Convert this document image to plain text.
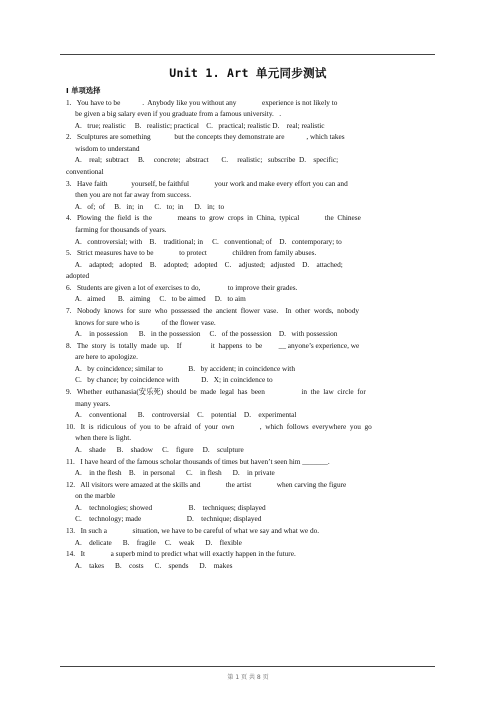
Unit 1. Art 单元同步测试
I 单项选择
1.   You have to be            .  Anybody like you without any              experience is not likely to
be given a big salary even if you graduate from a famous university.   .
A.   true; realistic     B.   realistic; practical    C.   practical; realistic D.    real; realistic
2.   Sculptures are something             but the concepts they demonstrate are            , which takes
wisdom to understand
A.    real;  subtract     B.     concrete;   abstract       C.     realistic;   subscribe  D.    specific;
conventional
3.   Have faith             yourself, be faithful              your work and make every effort you can and
then you are not far away from success.
A.   of;  of     B.   in;  in      C.   to;  in      D.   in;  to
4.   Plowing  the  field  is  the              means  to  grow  crops  in  China,  typical              the  Chinese
farming for thousands of years.
A.   controversial; with    B.    traditional; in     C.   conventional; of    D.   contemporary; to
5.   Strict measures have to be              to protect              children from family abuses.
A.    adapted;   adopted    B.    adopted;   adopted    C.    adjusted;   adjusted    D.    attached;
adopted
6.   Students are given a lot of exercises to do,               to improve their grades.
A.   aimed       B.   aiming     C.   to be aimed     D.   to aim
7.   Nobody  knows  for  sure  who  possessed  the  ancient  flower  vase.    In  other  words,  nobody
knows for sure who is            of the flower vase.
A.    in possession      B.   in the possession     C.   of the possession    D.   with possession
8.   The  story  is  totally  made  up.    If                it  happens  to  be         __ anyone’s experience, we
are here to apologize.
A.   by coincidence; similar to              B.   by accident; in coincidence with
C.   by chance; by coincidence with            D.   X; in coincidence to
9.   Whether  euthanasia(安乐死)  should  be  made  legal  has  been                    in  the  law  circle  for
many years.
A.    conventional      B.    controversial    C.    potential    D.    experimental
10.   It  is  ridiculous  of  you  to  be  afraid  of  your  own              ,  which  follows  everywhere  you  go
when there is light.
A.    shade      B.    shadow     C.    figure     D.    sculpture
11.   I have heard of the famous scholar thousands of times but haven’t seen him _______.
A.    in the flesh    B.    in personal      C.    in flesh      D.    in private
12.   All visitors were amazed at the skills and              the artist              when carving the figure
on the marble
A.    technologies; showed                    B.    techniques; displayed
C.    technology; made                         D.    technique; displayed
13.   In such a              situation, we have to be careful of what we say and what we do.
A.    delicate      B.    fragile     C.    weak      D.    flexible
14.   It              a superb mind to predict what will exactly happen in the future.
A.    takes      B.    costs      C.    spends      D.    makes
第 1 页 共 8 页
